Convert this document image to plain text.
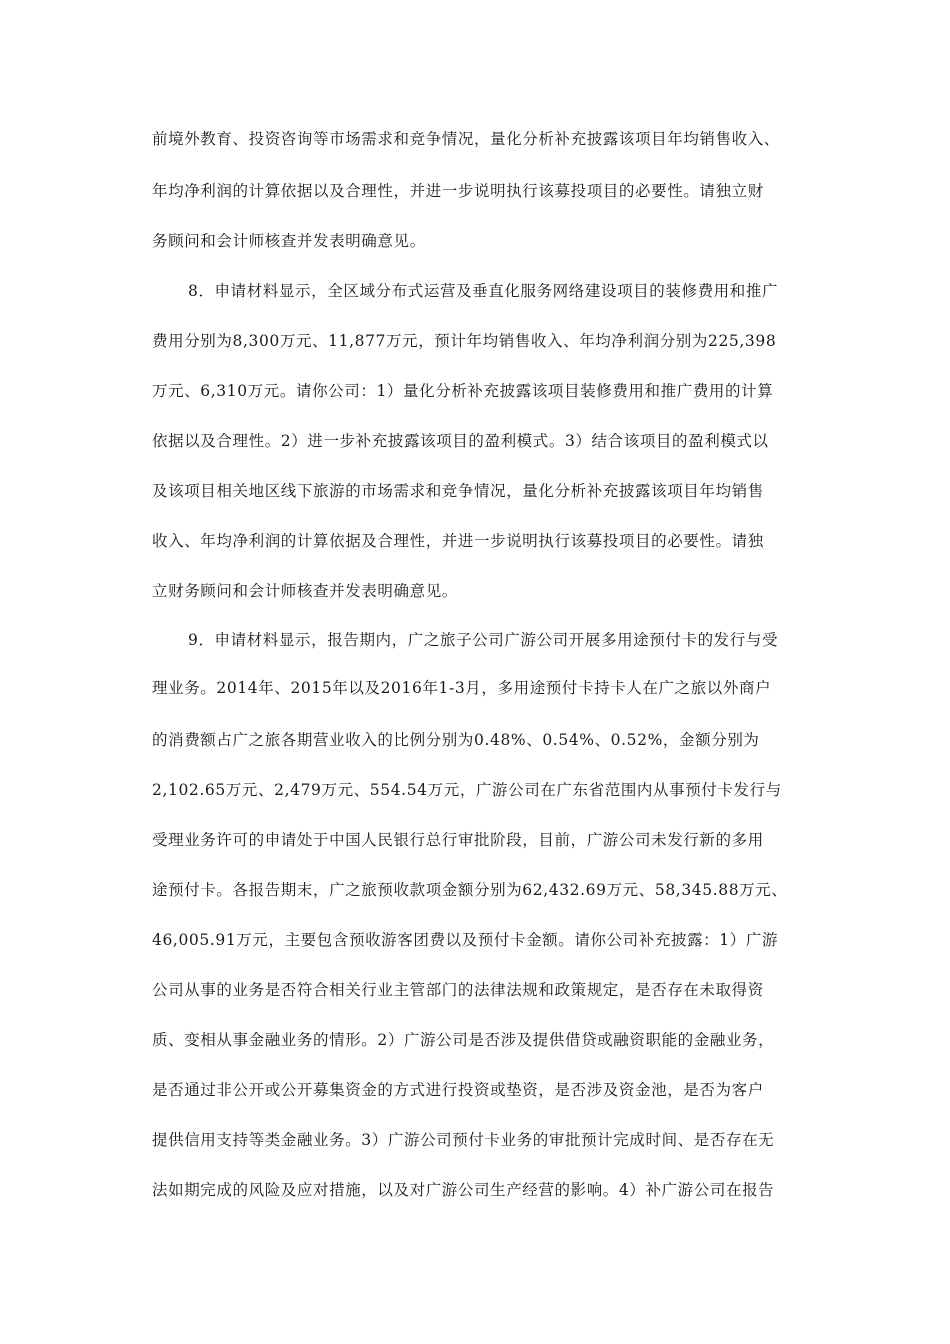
前境外教育、投资咨询等市场需求和竞争情况，量化分析补充披露该项目年均销售收入、
年均净利润的计算依据以及合理性，并进一步说明执行该募投项目的必要性。请独立财
务顾问和会计师核查并发表明确意见。
8．申请材料显示，全区域分布式运营及垂直化服务网络建设项目的装修费用和推广
费用分别为8,300万元、11,877万元，预计年均销售收入、年均净利润分别为225,398
万元、6,310万元。请你公司：1）量化分析补充披露该项目装修费用和推广费用的计算
依据以及合理性。2）进一步补充披露该项目的盈利模式。3）结合该项目的盈利模式以
及该项目相关地区线下旅游的市场需求和竞争情况，量化分析补充披露该项目年均销售
收入、年均净利润的计算依据及合理性，并进一步说明执行该募投项目的必要性。请独
立财务顾问和会计师核查并发表明确意见。
9．申请材料显示，报告期内，广之旅子公司广游公司开展多用途预付卡的发行与受
理业务。2014年、2015年以及2016年1-3月，多用途预付卡持卡人在广之旅以外商户
的消费额占广之旅各期营业收入的比例分别为0.48%、0.54%、0.52%，金额分别为
2,102.65万元、2,479万元、554.54万元，广游公司在广东省范围内从事预付卡发行与
受理业务许可的申请处于中国人民银行总行审批阶段，目前，广游公司未发行新的多用
途预付卡。各报告期末，广之旅预收款项金额分别为62,432.69万元、58,345.88万元、
46,005.91万元，主要包含预收游客团费以及预付卡金额。请你公司补充披露：1）广游
公司从事的业务是否符合相关行业主管部门的法律法规和政策规定，是否存在未取得资
质、变相从事金融业务的情形。2）广游公司是否涉及提供借贷或融资职能的金融业务，
是否通过非公开或公开募集资金的方式进行投资或垫资，是否涉及资金池，是否为客户
提供信用支持等类金融业务。3）广游公司预付卡业务的审批预计完成时间、是否存在无
法如期完成的风险及应对措施，以及对广游公司生产经营的影响。4）补广游公司在报告
